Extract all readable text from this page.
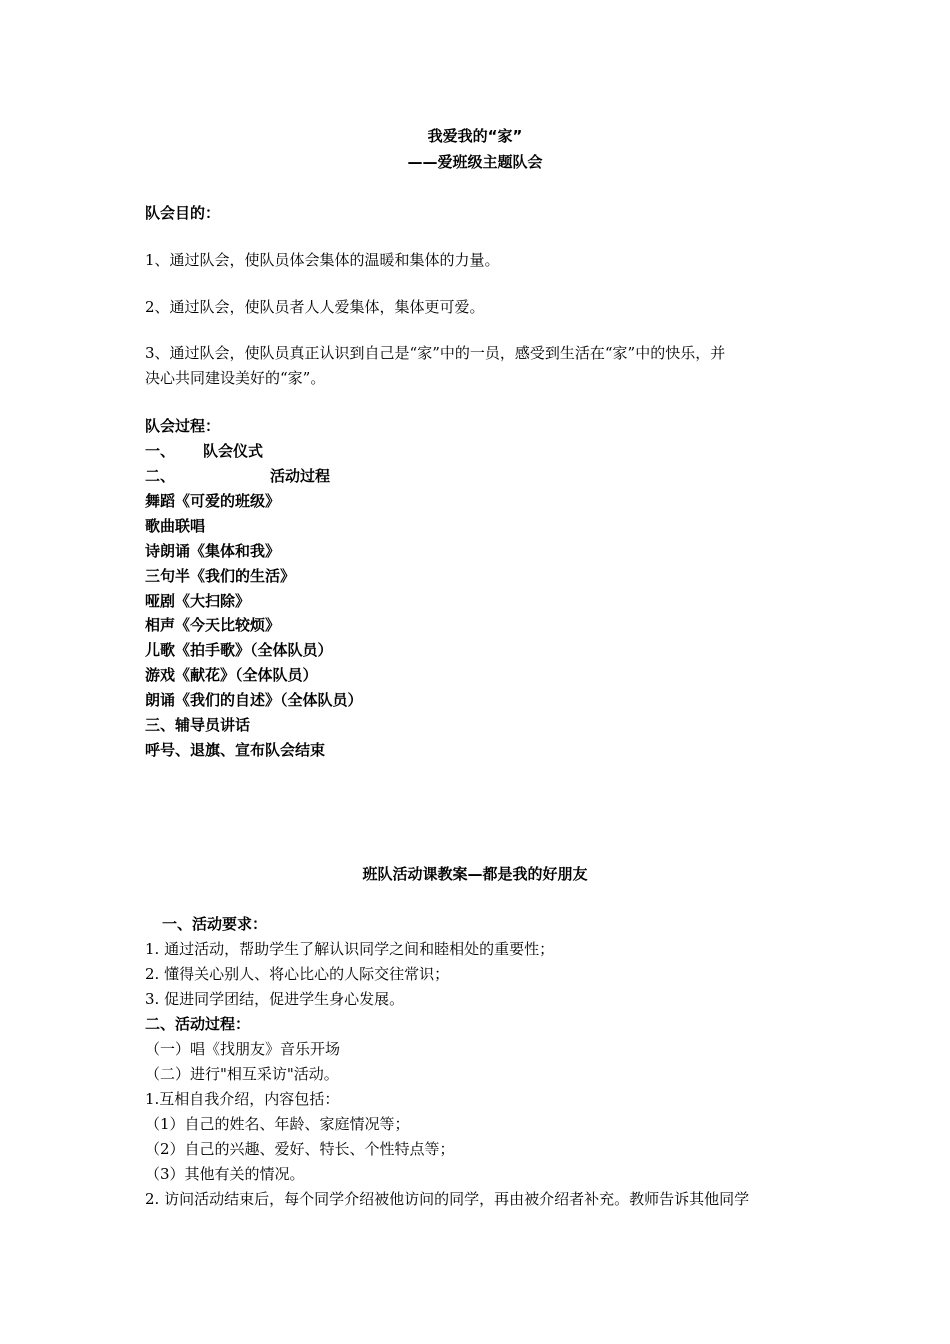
我爱我的“家”
——爱班级主题队会
队会目的：
1、通过队会，使队员体会集体的温暖和集体的力量。
2、通过队会，使队员者人人爱集体，集体更可爱。
3、通过队会，使队员真正认识到自己是“家”中的一员，感受到生活在“家”中的快乐，并
决心共同建设美好的“家”。
队会过程：
一、 队会仪式
二、	活动过程
舞蹈《可爱的班级》
歌曲联唱
诗朗诵《集体和我》
三句半《我们的生活》
哑剧《大扫除》
相声《今天比较烦》
儿歌《拍手歌》（全体队员）
游戏《献花》（全体队员）
朗诵《我们的自述》（全体队员）
三、辅导员讲话
呼号、退旗、宣布队会结束
班队活动课教案—都是我的好朋友
一、活动要求：
1. 通过活动，帮助学生了解认识同学之间和睦相处的重要性；
2. 懂得关心别人、将心比心的人际交往常识；
3. 促进同学团结，促进学生身心发展。
二、活动过程：
（一）唱《找朋友》音乐开场
（二）进行"相互采访"活动。
1.互相自我介绍，内容包括：
（1）自己的姓名、年龄、家庭情况等；
（2）自己的兴趣、爱好、特长、个性特点等；
（3）其他有关的情况。
2. 访问活动结束后，每个同学介绍被他访问的同学，再由被介绍者补充。教师告诉其他同学
